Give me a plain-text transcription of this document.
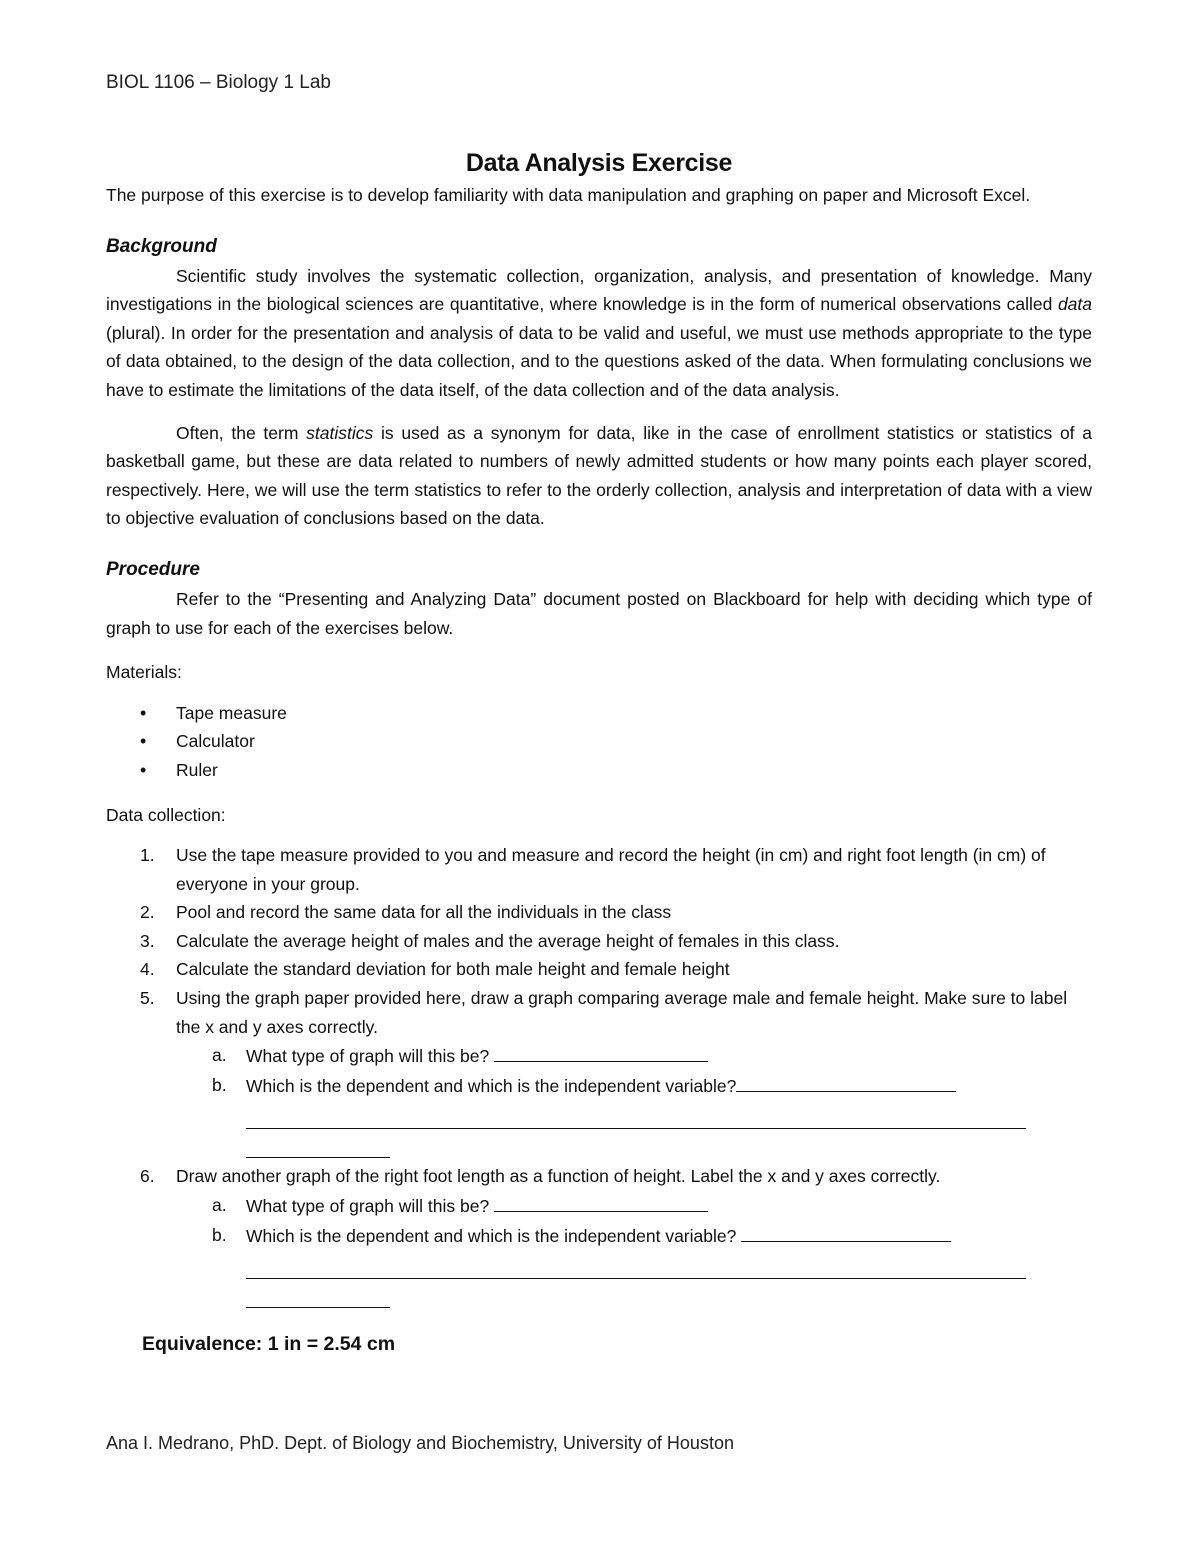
BIOL 1106 – Biology 1 Lab
Data Analysis Exercise

The purpose of this exercise is to develop familiarity with data manipulation and graphing on paper and Microsoft Excel.

Background

Scientific study involves the systematic collection, organization, analysis, and presentation of knowledge. Many investigations in the biological sciences are quantitative, where knowledge is in the form of numerical observations called data (plural). In order for the presentation and analysis of data to be valid and useful, we must use methods appropriate to the type of data obtained, to the design of the data collection, and to the questions asked of the data. When formulating conclusions we have to estimate the limitations of the data itself, of the data collection and of the data analysis.

Often, the term statistics is used as a synonym for data, like in the case of enrollment statistics or statistics of a basketball game, but these are data related to numbers of newly admitted students or how many points each player scored, respectively. Here, we will use the term statistics to refer to the orderly collection, analysis and interpretation of data with a view to objective evaluation of conclusions based on the data.

Procedure

Refer to the “Presenting and Analyzing Data” document posted on Blackboard for help with deciding which type of graph to use for each of the exercises below.

Materials:

• Tape measure
• Calculator
• Ruler

Data collection:

1. Use the tape measure provided to you and measure and record the height (in cm) and right foot length (in cm) of everyone in your group.
2. Pool and record the same data for all the individuals in the class
3. Calculate the average height of males and the average height of females in this class.
4. Calculate the standard deviation for both male height and female height
5. Using the graph paper provided here, draw a graph comparing average male and female height. Make sure to label the x and y axes correctly.
a. What type of graph will this be?
b. Which is the dependent and which is the independent variable?
6. Draw another graph of the right foot length as a function of height. Label the x and y axes correctly.
a. What type of graph will this be?
b. Which is the dependent and which is the independent variable?
Equivalence: 1 in = 2.54 cm
Ana I. Medrano, PhD. Dept. of Biology and Biochemistry, University of Houston
